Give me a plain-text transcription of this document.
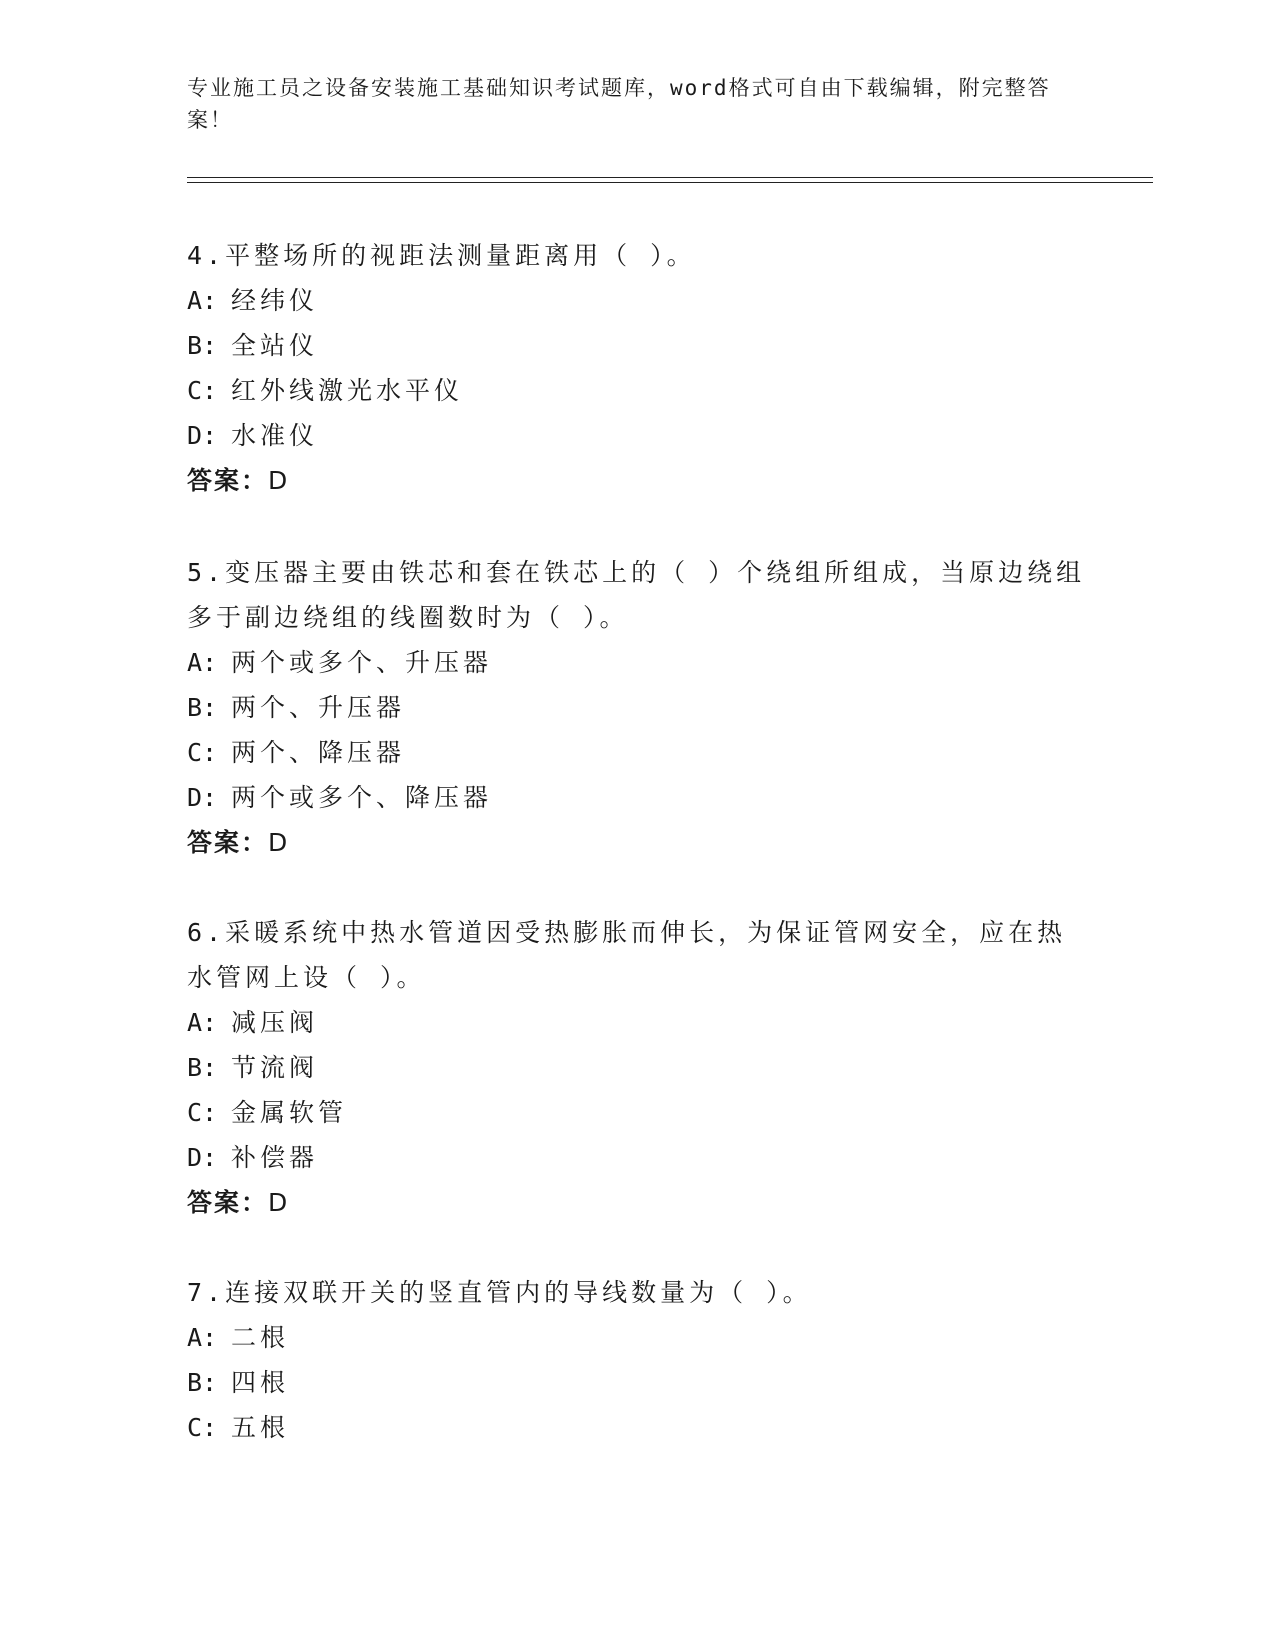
专业施工员之设备安装施工基础知识考试题库，word格式可自由下载编辑，附完整答案！
4.平整场所的视距法测量距离用（ ）。
A: 经纬仪
B: 全站仪
C: 红外线激光水平仪
D: 水准仪
答案：D
5.变压器主要由铁芯和套在铁芯上的（ ）个绕组所组成，当原边绕组多于副边绕组的线圈数时为（ ）。
A: 两个或多个、升压器
B: 两个、升压器
C: 两个、降压器
D: 两个或多个、降压器
答案：D
6.采暖系统中热水管道因受热膨胀而伸长，为保证管网安全，应在热水管网上设（ ）。
A: 减压阀
B: 节流阀
C: 金属软管
D: 补偿器
答案：D
7.连接双联开关的竖直管内的导线数量为（ ）。
A: 二根
B: 四根
C: 五根
